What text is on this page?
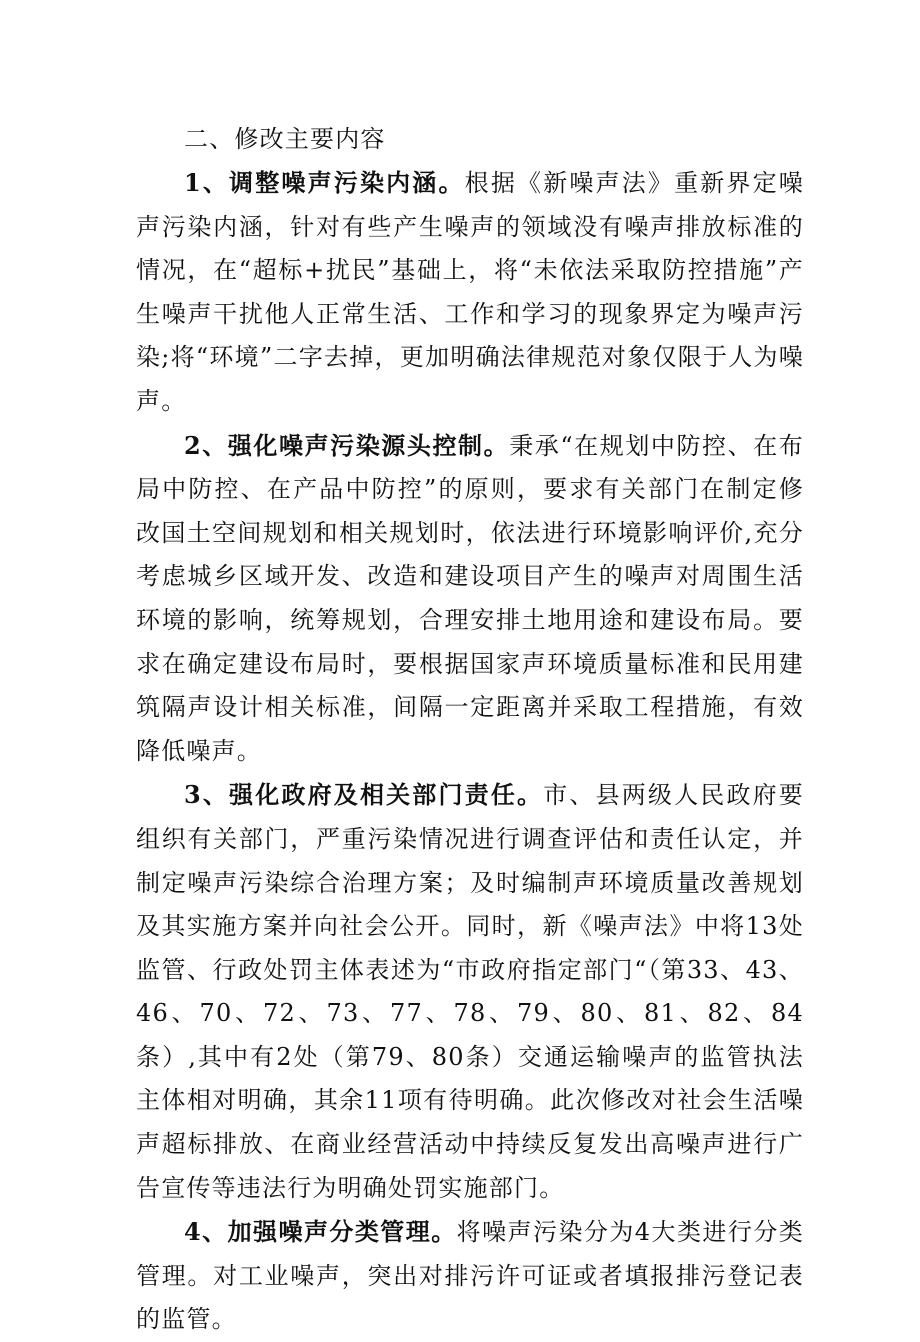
二、修改主要内容

1、调整噪声污染内涵。根据《新噪声法》重新界定噪声污染内涵，针对有些产生噪声的领域没有噪声排放标准的情况，在“超标+扰民”基础上，将“未依法采取防控措施”产生噪声干扰他人正常生活、工作和学习的现象界定为噪声污染;将“环境”二字去掉，更加明确法律规范对象仅限于人为噪声。

2、强化噪声污染源头控制。秉承“在规划中防控、在布局中防控、在产品中防控”的原则，要求有关部门在制定修改国土空间规划和相关规划时，依法进行环境影响评价,充分考虑城乡区域开发、改造和建设项目产生的噪声对周围生活环境的影响，统筹规划，合理安排土地用途和建设布局。要求在确定建设布局时，要根据国家声环境质量标准和民用建筑隔声设计相关标准，间隔一定距离并采取工程措施，有效降低噪声。

3、强化政府及相关部门责任。市、县两级人民政府要组织有关部门，严重污染情况进行调查评估和责任认定，并制定噪声污染综合治理方案；及时编制声环境质量改善规划及其实施方案并向社会公开。同时，新《噪声法》中将13处监管、行政处罚主体表述为“市政府指定部门“（第33、43、46、70、72、73、77、78、79、80、81、82、84条）,其中有2处（第79、80条）交通运输噪声的监管执法主体相对明确，其余11项有待明确。此次修改对社会生活噪声超标排放、在商业经营活动中持续反复发出高噪声进行广告宣传等违法行为明确处罚实施部门。

4、加强噪声分类管理。将噪声污染分为4大类进行分类管理。对工业噪声，突出对排污许可证或者填报排污登记表的监管。
